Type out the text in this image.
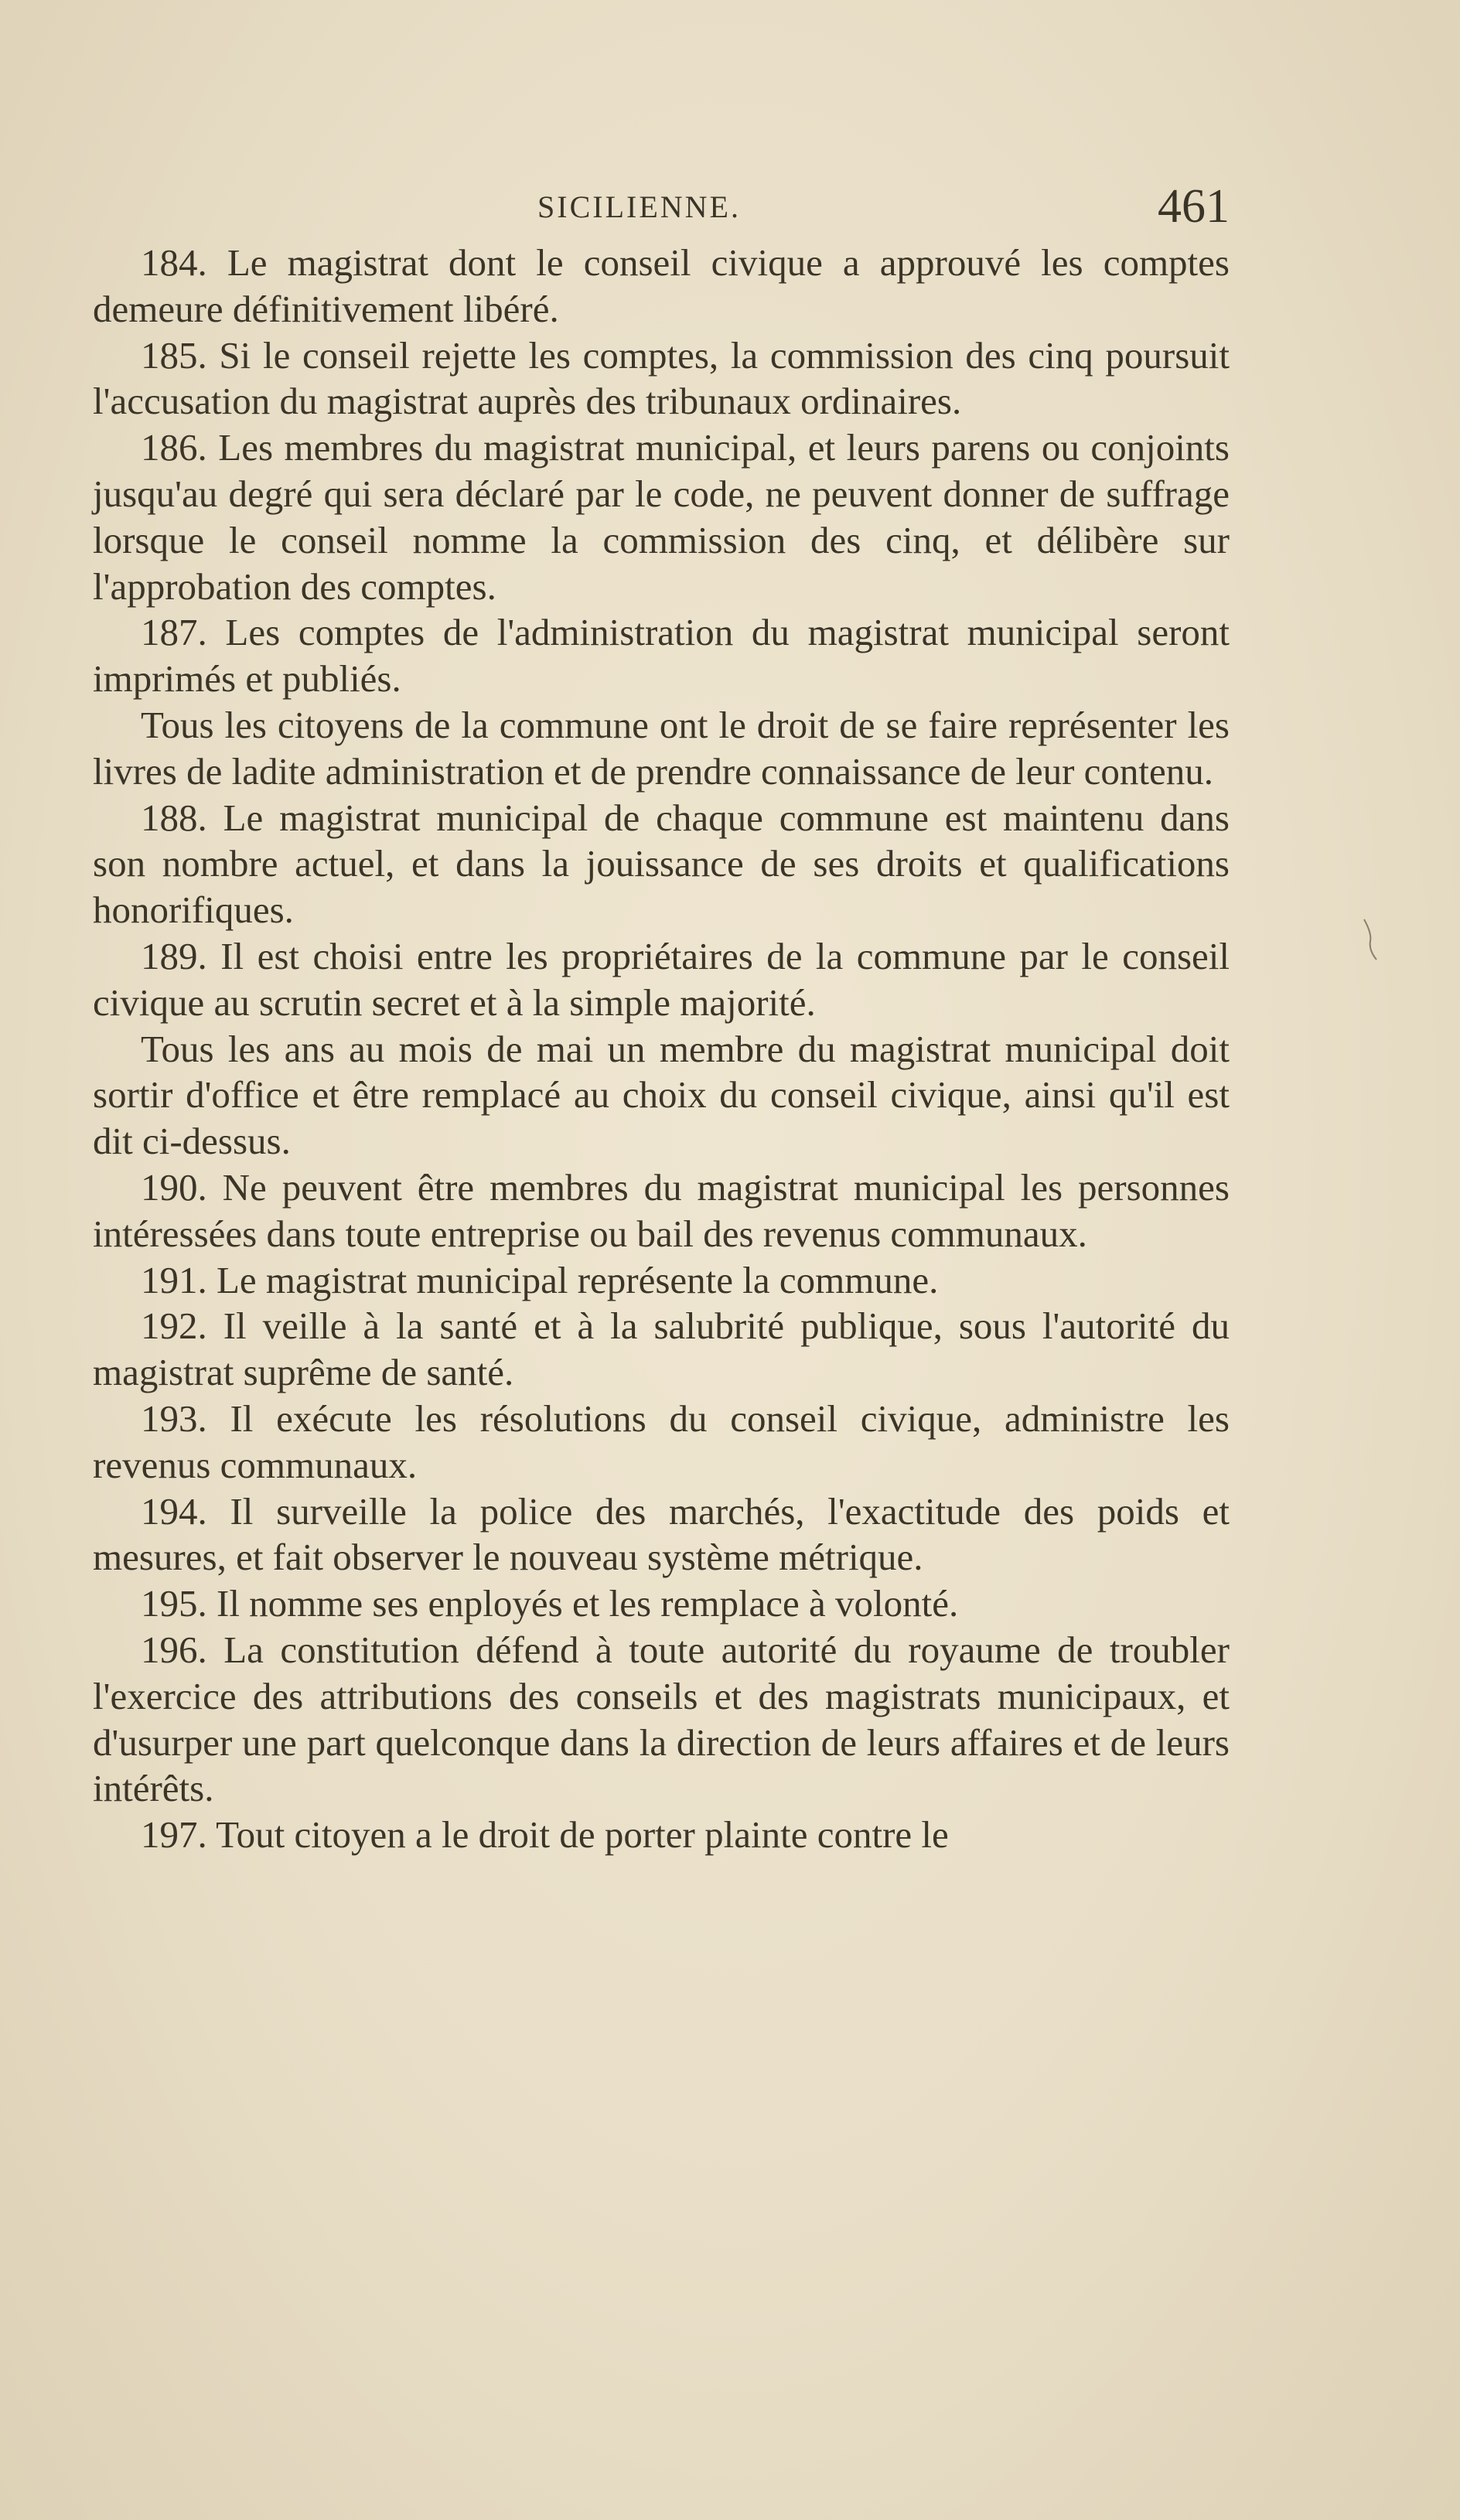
SICILIENNE.	461

184. Le magistrat dont le conseil civique a approuvé les comptes demeure définitivement libéré.

185. Si le conseil rejette les comptes, la commission des cinq poursuit l'accusation du magistrat auprès des tribunaux ordinaires.

186. Les membres du magistrat municipal, et leurs parens ou conjoints jusqu'au degré qui sera déclaré par le code, ne peuvent donner de suffrage lorsque le conseil nomme la commission des cinq, et délibère sur l'approbation des comptes.

187. Les comptes de l'administration du magistrat municipal seront imprimés et publiés.

Tous les citoyens de la commune ont le droit de se faire représenter les livres de ladite administration et de prendre connaissance de leur contenu.

188. Le magistrat municipal de chaque commune est maintenu dans son nombre actuel, et dans la jouissance de ses droits et qualifications honorifiques.

189. Il est choisi entre les propriétaires de la commune par le conseil civique au scrutin secret et à la simple majorité.

Tous les ans au mois de mai un membre du magistrat municipal doit sortir d'office et être remplacé au choix du conseil civique, ainsi qu'il est dit ci-dessus.

190. Ne peuvent être membres du magistrat municipal les personnes intéressées dans toute entreprise ou bail des revenus communaux.

191. Le magistrat municipal représente la commune.

192. Il veille à la santé et à la salubrité publique, sous l'autorité du magistrat suprême de santé.

193. Il exécute les résolutions du conseil civique, administre les revenus communaux.

194. Il surveille la police des marchés, l'exactitude des poids et mesures, et fait observer le nouveau système métrique.

195. Il nomme ses enployés et les remplace à volonté.

196. La constitution défend à toute autorité du royaume de troubler l'exercice des attributions des conseils et des magistrats municipaux, et d'usurper une part quelconque dans la direction de leurs affaires et de leurs intérêts.

197. Tout citoyen a le droit de porter plainte contre le
